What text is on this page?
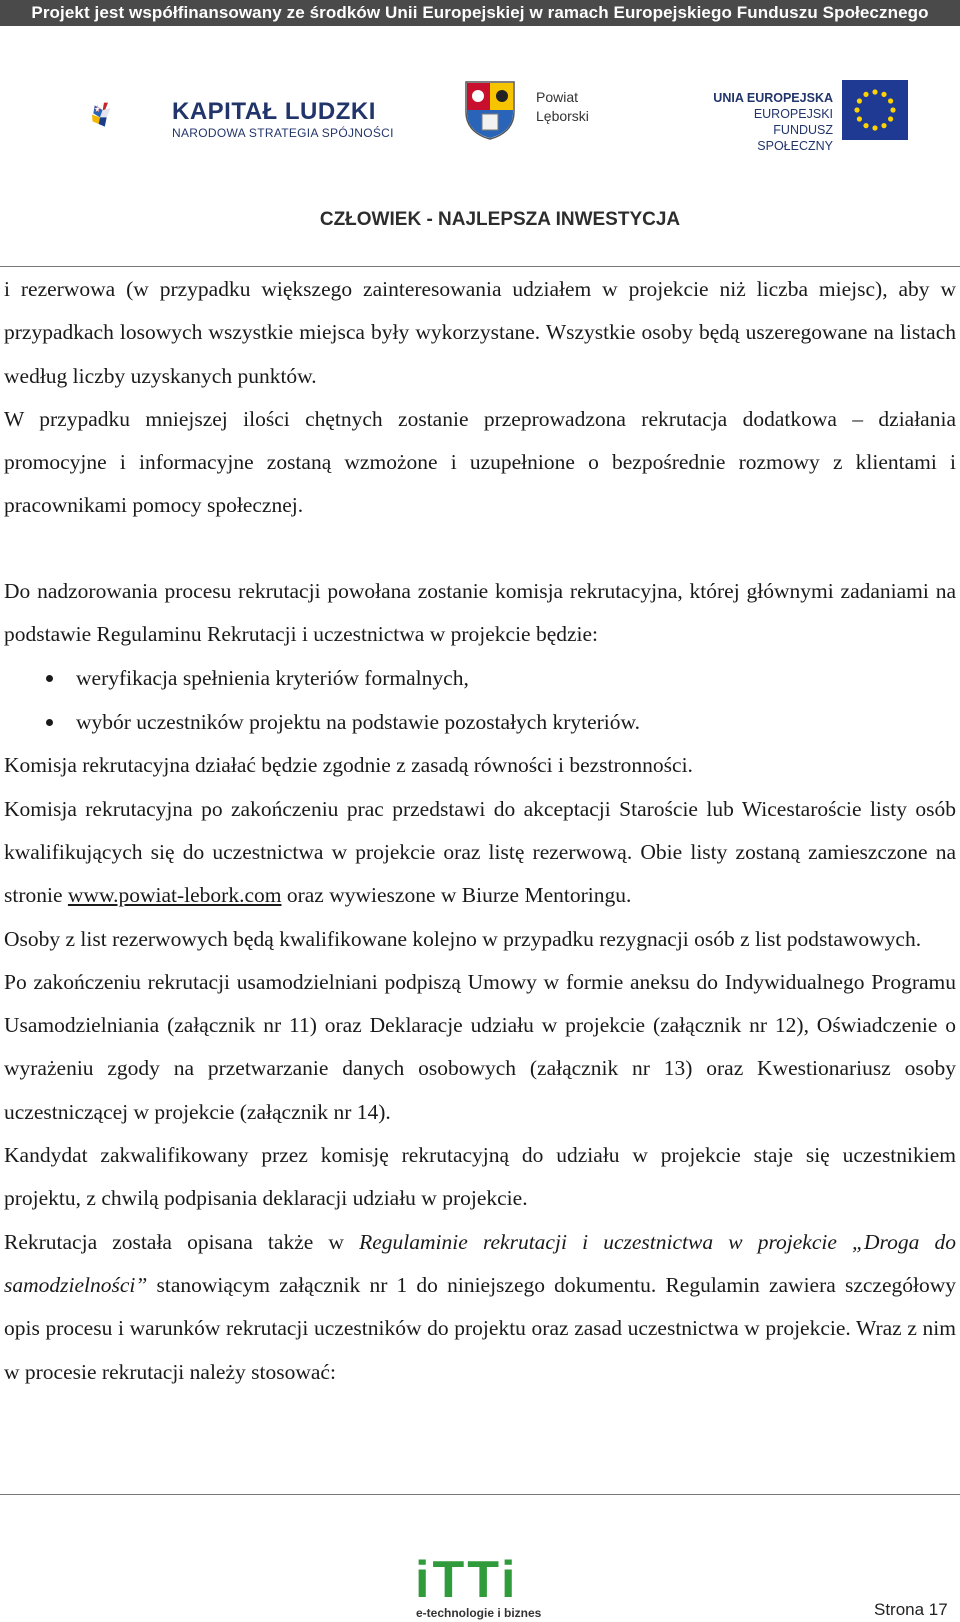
Projekt jest współfinansowany ze środków Unii Europejskiej w ramach Europejskiego Funduszu Społecznego
KAPITAŁ LUDZKI
NARODOWA STRATEGIA SPÓJNOŚCI
Powiat
Lęborski
UNIA EUROPEJSKA
EUROPEJSKI
FUNDUSZ SPOŁECZNY
CZŁOWIEK - NAJLEPSZA INWESTYCJA

i rezerwowa (w przypadku większego zainteresowania udziałem w projekcie niż liczba miejsc), aby w przypadkach losowych wszystkie miejsca były wykorzystane. Wszystkie osoby będą uszeregowane na listach według liczby uzyskanych punktów.

W przypadku mniejszej ilości chętnych zostanie przeprowadzona rekrutacja dodatkowa – działania promocyjne i informacyjne zostaną wzmożone i uzupełnione o bezpośrednie rozmowy z klientami i pracownikami pomocy społecznej.

Do nadzorowania procesu rekrutacji powołana zostanie komisja rekrutacyjna, której głównymi zadaniami na podstawie Regulaminu Rekrutacji i uczestnictwa w projekcie będzie:

weryfikacja spełnienia kryteriów formalnych,
wybór uczestników projektu na podstawie pozostałych kryteriów.

Komisja rekrutacyjna działać będzie zgodnie z zasadą równości i bezstronności.

Komisja rekrutacyjna po zakończeniu prac przedstawi do akceptacji Staroście lub Wicestaroście listy osób kwalifikujących się do uczestnictwa w projekcie oraz listę rezerwową. Obie listy zostaną zamieszczone na stronie www.powiat-lebork.com oraz wywieszone w Biurze Mentoringu.

Osoby z list rezerwowych będą kwalifikowane kolejno w przypadku rezygnacji osób z list podstawowych.

Po zakończeniu rekrutacji usamodzielniani podpiszą Umowy w formie aneksu do Indywidualnego Programu Usamodzielniania (załącznik nr 11) oraz Deklaracje udziału w projekcie (załącznik nr 12), Oświadczenie o wyrażeniu zgody na przetwarzanie danych osobowych (załącznik nr 13) oraz Kwestionariusz osoby uczestniczącej w projekcie (załącznik nr 14).

Kandydat zakwalifikowany przez komisję rekrutacyjną do udziału w projekcie staje się uczestnikiem projektu, z chwilą podpisania deklaracji udziału w projekcie.

Rekrutacja została opisana także w Regulaminie rekrutacji i uczestnictwa w projekcie „Droga do samodzielności” stanowiącym załącznik nr 1 do niniejszego dokumentu. Regulamin zawiera szczegółowy opis procesu i warunków rekrutacji uczestników do projektu oraz zasad uczestnictwa w projekcie. Wraz z nim w procesie rekrutacji należy stosować:

iTTi
e-technologie i biznes	Strona 17
